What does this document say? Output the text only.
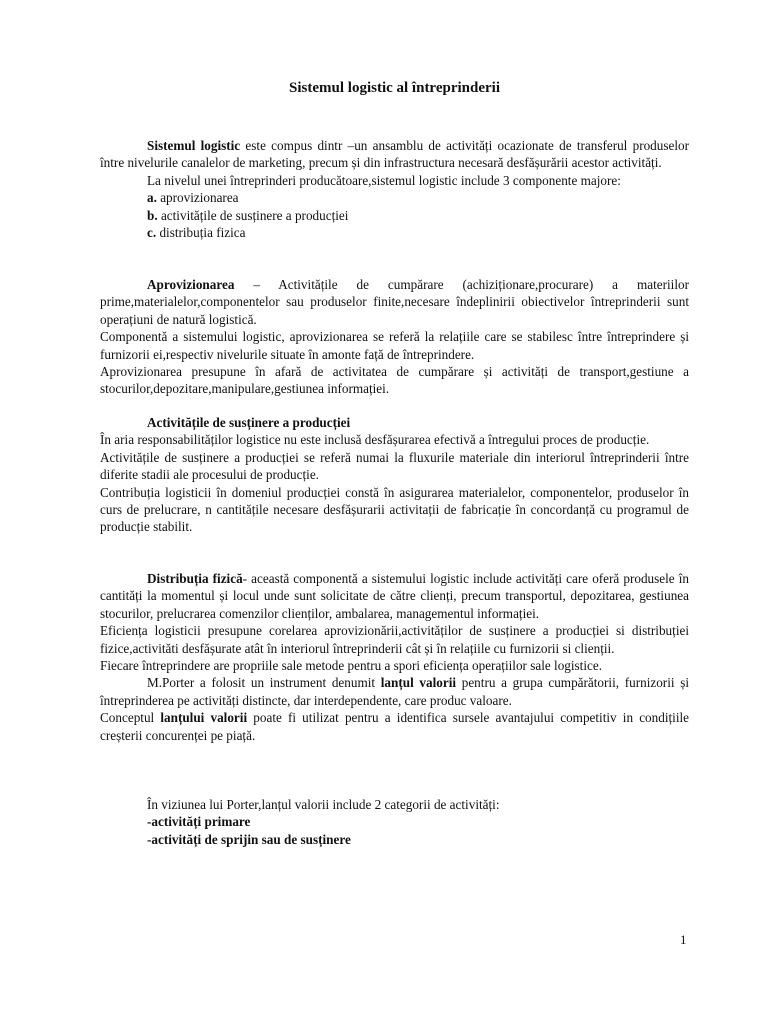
Sistemul logistic al întreprinderii

Sistemul logistic este compus dintr –un ansamblu de activități ocazionate de transferul produselor între nivelurile canalelor de marketing, precum și din infrastructura necesară desfășurării acestor activități.

La nivelul unei întreprinderi producătoare,sistemul logistic include 3 componente majore:

a. aprovizionarea

b. activitățile de susținere a producției

c. distribuția fizica

Aprovizionarea – Activitățile de cumpărare (achiziționare,procurare) a materiilor prime,materialelor,componentelor sau produselor finite,necesare îndeplinirii obiectivelor întreprinderii sunt operațiuni de natură logistică.

Componentă a sistemului logistic, aprovizionarea se referă la relațiile care se stabilesc între întreprindere și furnizorii ei,respectiv nivelurile situate în amonte față de întreprindere.

Aprovizionarea presupune în afară de activitatea de cumpărare și activități de transport,gestiune a stocurilor,depozitare,manipulare,gestiunea informației.

Activitățile de susținere a producției

În aria responsabilităților logistice nu este inclusă desfășurarea efectivă a întregului proces de producție.

Activitățile de susținere a producției se referă numai la fluxurile materiale din interiorul întreprinderii între diferite stadii ale procesului de producție.

Contribuția logisticii în domeniul producției constă în asigurarea materialelor, componentelor, produselor în curs de prelucrare, n cantitățile necesare desfășurarii activitații de fabricație în concordanță cu programul de producție stabilit.

Distribuția fizică- această componentă a sistemului logistic include activități care oferă produsele în cantități la momentul și locul unde sunt solicitate de către clienți, precum transportul, depozitarea, gestiunea stocurilor, prelucrarea comenzilor clienților, ambalarea, managementul informației.

Eficiența logisticii presupune corelarea aprovizionării,activităților de susținere a producției si distribuției fizice,activităti desfășurate atât în interiorul întreprinderii cât și în relațiile cu furnizorii si clienții.

Fiecare întreprindere are propriile sale metode pentru a spori eficiența operațiilor sale logistice.

M.Porter a folosit un instrument denumit lanțul valorii pentru a grupa cumpărătorii, furnizorii și întreprinderea pe activități distincte, dar interdependente, care produc valoare.

Conceptul lanțului valorii poate fi utilizat pentru a identifica sursele avantajului competitiv in condițiile creșterii concurenței pe piață.

În viziunea lui Porter,lanțul valorii include 2 categorii de activități:

-activități primare

-activități de sprijin sau de susținere

1
